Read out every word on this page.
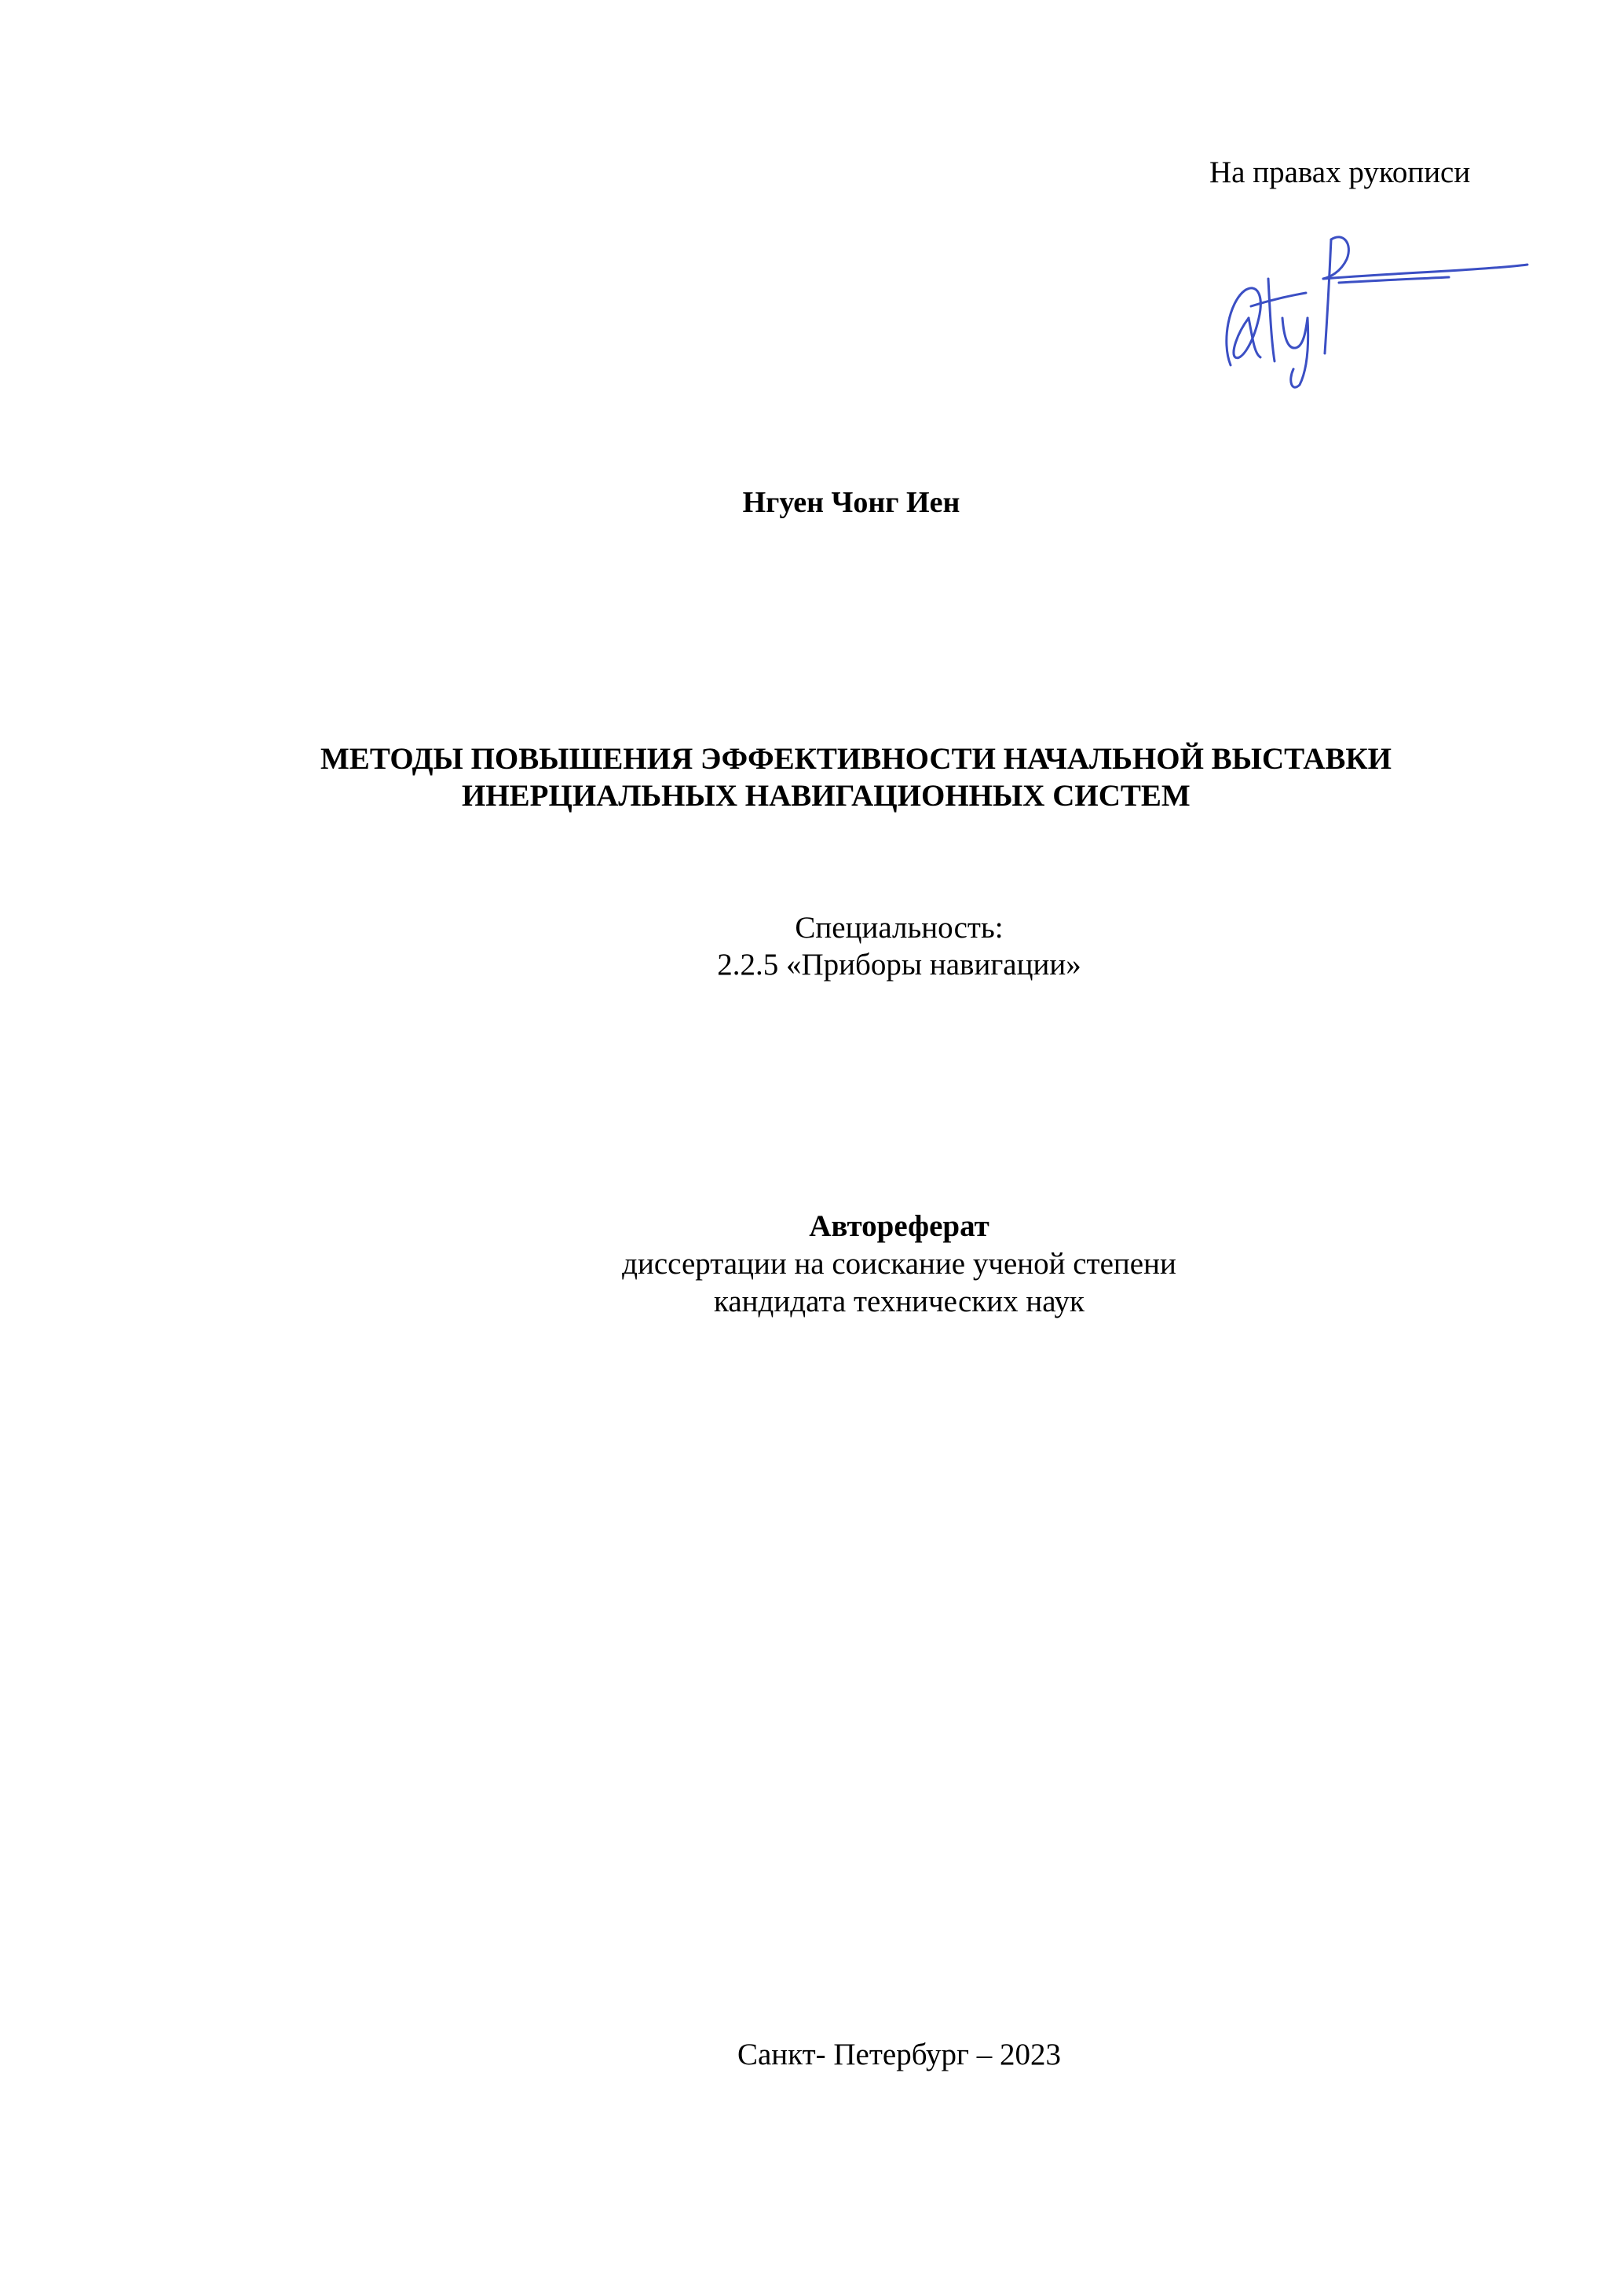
На правах рукописи
Нгуен Чонг Иен
МЕТОДЫ ПОВЫШЕНИЯ ЭФФЕКТИВНОСТИ НАЧАЛЬНОЙ ВЫСТАВКИ
ИНЕРЦИАЛЬНЫХ НАВИГАЦИОННЫХ СИСТЕМ
Специальность:
2.2.5 «Приборы навигации»
Автореферат
диссертации на соискание ученой степени
кандидата технических наук
Санкт- Петербург – 2023
